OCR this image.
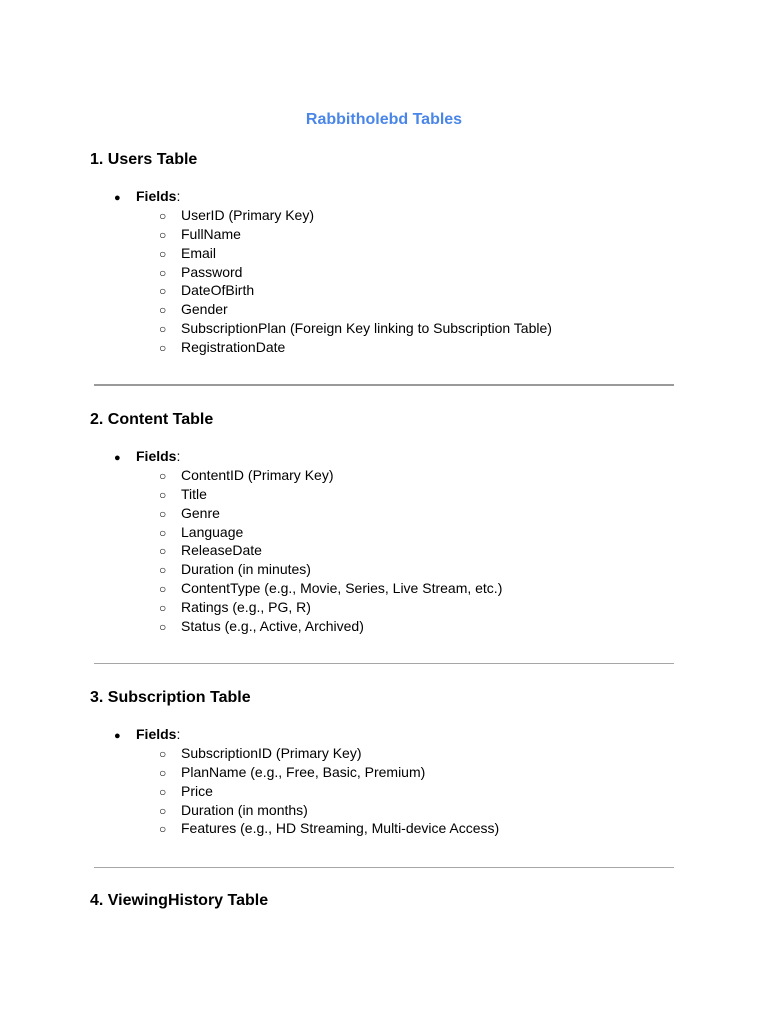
Rabbitholebd Tables
1. Users Table
● Fields:
○ UserID (Primary Key)
○ FullName
○ Email
○ Password
○ DateOfBirth
○ Gender
○ SubscriptionPlan (Foreign Key linking to Subscription Table)
○ RegistrationDate
2. Content Table
● Fields:
○ ContentID (Primary Key)
○ Title
○ Genre
○ Language
○ ReleaseDate
○ Duration (in minutes)
○ ContentType (e.g., Movie, Series, Live Stream, etc.)
○ Ratings (e.g., PG, R)
○ Status (e.g., Active, Archived)
3. Subscription Table
● Fields:
○ SubscriptionID (Primary Key)
○ PlanName (e.g., Free, Basic, Premium)
○ Price
○ Duration (in months)
○ Features (e.g., HD Streaming, Multi-device Access)
4. ViewingHistory Table
